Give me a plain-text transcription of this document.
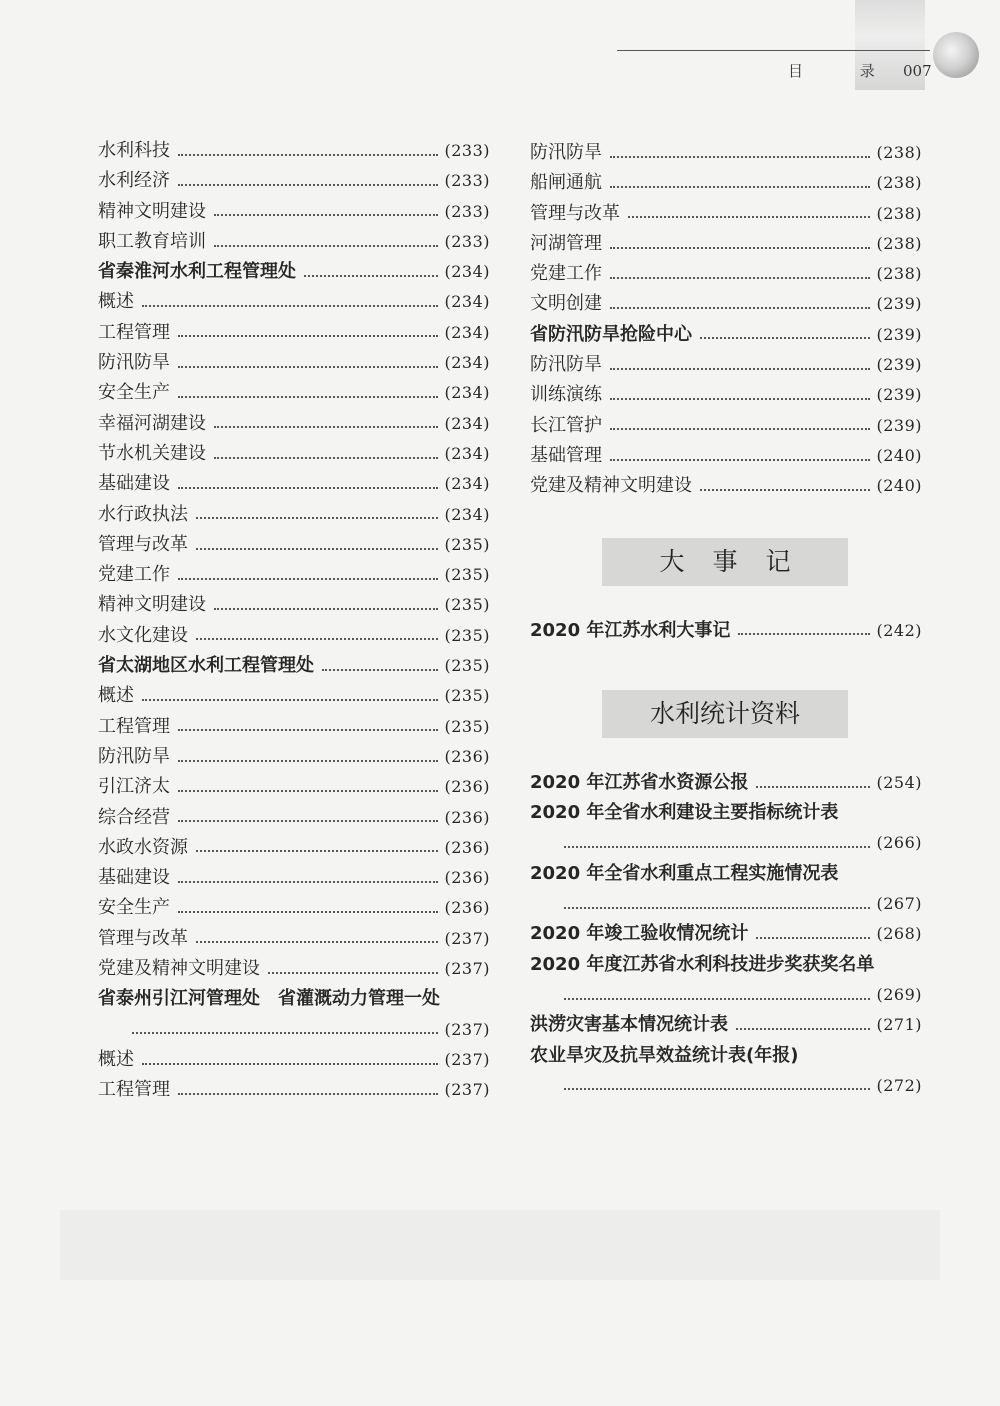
目 录 007
水利科技	(233)
水利经济	(233)
精神文明建设	(233)
职工教育培训	(233)
省秦淮河水利工程管理处	(234)
概述	(234)
工程管理	(234)
防汛防旱	(234)
安全生产	(234)
幸福河湖建设	(234)
节水机关建设	(234)
基础建设	(234)
水行政执法	(234)
管理与改革	(235)
党建工作	(235)
精神文明建设	(235)
水文化建设	(235)
省太湖地区水利工程管理处	(235)
概述	(235)
工程管理	(235)
防汛防旱	(236)
引江济太	(236)
综合经营	(236)
水政水资源	(236)
基础建设	(236)
安全生产	(236)
管理与改革	(237)
党建及精神文明建设	(237)
省泰州引江河管理处　省灌溉动力管理一处
(237)
概述	(237)
工程管理	(237)
防汛防旱	(238)
船闸通航	(238)
管理与改革	(238)
河湖管理	(238)
党建工作	(238)
文明创建	(239)
省防汛防旱抢险中心	(239)
防汛防旱	(239)
训练演练	(239)
长江管护	(239)
基础管理	(240)
党建及精神文明建设	(240)
大事记
2020 年江苏水利大事记	(242)
水利统计资料
2020 年江苏省水资源公报	(254)
2020 年全省水利建设主要指标统计表
(266)
2020 年全省水利重点工程实施情况表
(267)
2020 年竣工验收情况统计	(268)
2020 年度江苏省水利科技进步奖获奖名单
(269)
洪涝灾害基本情况统计表	(271)
农业旱灾及抗旱效益统计表(年报)
(272)
